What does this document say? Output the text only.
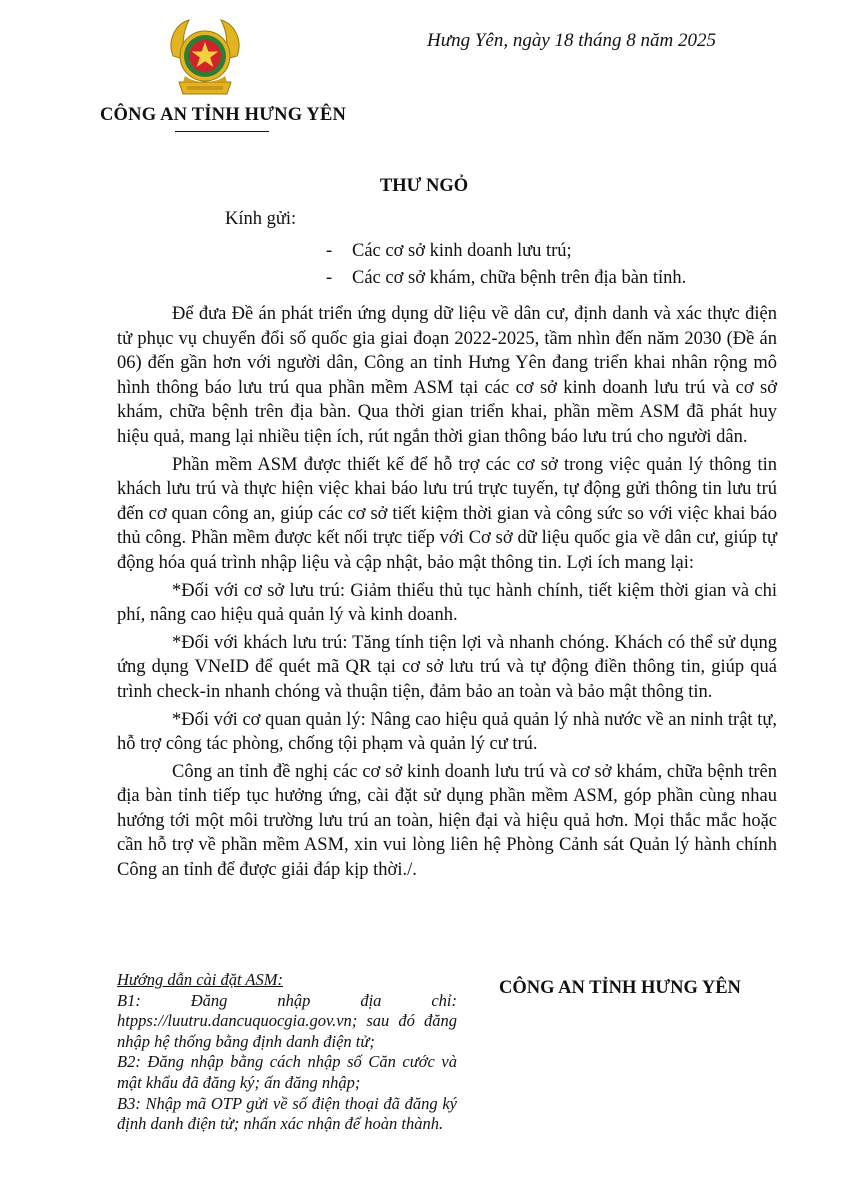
CÔNG AN TỈNH HƯNG YÊN
Hưng Yên, ngày 18 tháng 8 năm 2025
THƯ NGỎ
Kính gửi:
- Các cơ sở kinh doanh lưu trú;
- Các cơ sở khám, chữa bệnh trên địa bàn tỉnh.

Để đưa Đề án phát triển ứng dụng dữ liệu về dân cư, định danh và xác thực điện tử phục vụ chuyển đổi số quốc gia giai đoạn 2022-2025, tầm nhìn đến năm 2030 (Đề án 06) đến gần hơn với người dân, Công an tỉnh Hưng Yên đang triển khai nhân rộng mô hình thông báo lưu trú qua phần mềm ASM tại các cơ sở kinh doanh lưu trú và cơ sở khám, chữa bệnh trên địa bàn. Qua thời gian triển khai, phần mềm ASM đã phát huy hiệu quả, mang lại nhiều tiện ích, rút ngắn thời gian thông báo lưu trú cho người dân.

Phần mềm ASM được thiết kế để hỗ trợ các cơ sở trong việc quản lý thông tin khách lưu trú và thực hiện việc khai báo lưu trú trực tuyến, tự động gửi thông tin lưu trú đến cơ quan công an, giúp các cơ sở tiết kiệm thời gian và công sức so với việc khai báo thủ công. Phần mềm được kết nối trực tiếp với Cơ sở dữ liệu quốc gia về dân cư, giúp tự động hóa quá trình nhập liệu và cập nhật, bảo mật thông tin. Lợi ích mang lại:

*Đối với cơ sở lưu trú: Giảm thiểu thủ tục hành chính, tiết kiệm thời gian và chi phí, nâng cao hiệu quả quản lý và kinh doanh.

*Đối với khách lưu trú: Tăng tính tiện lợi và nhanh chóng. Khách có thể sử dụng ứng dụng VNeID để quét mã QR tại cơ sở lưu trú và tự động điền thông tin, giúp quá trình check-in nhanh chóng và thuận tiện, đảm bảo an toàn và bảo mật thông tin.

*Đối với cơ quan quản lý: Nâng cao hiệu quả quản lý nhà nước về an ninh trật tự, hỗ trợ công tác phòng, chống tội phạm và quản lý cư trú.

Công an tỉnh đề nghị các cơ sở kinh doanh lưu trú và cơ sở khám, chữa bệnh trên địa bàn tỉnh tiếp tục hưởng ứng, cài đặt sử dụng phần mềm ASM, góp phần cùng nhau hướng tới một môi trường lưu trú an toàn, hiện đại và hiệu quả hơn. Mọi thắc mắc hoặc cần hỗ trợ về phần mềm ASM, xin vui lòng liên hệ Phòng Cảnh sát Quản lý hành chính Công an tỉnh để được giải đáp kịp thời./.

Hướng dẫn cài đặt ASM:

B1: Đăng nhập địa chỉ: htpps://luutru.dancuquocgia.gov.vn; sau đó đăng nhập hệ thống bằng định danh điện tử;

B2: Đăng nhập bằng cách nhập số Căn cước và mật khẩu đã đăng ký; ấn đăng nhập;

B3: Nhập mã OTP gửi về số điện thoại đã đăng ký định danh điện tử; nhấn xác nhận để hoàn thành.

CÔNG AN TỈNH HƯNG YÊN
